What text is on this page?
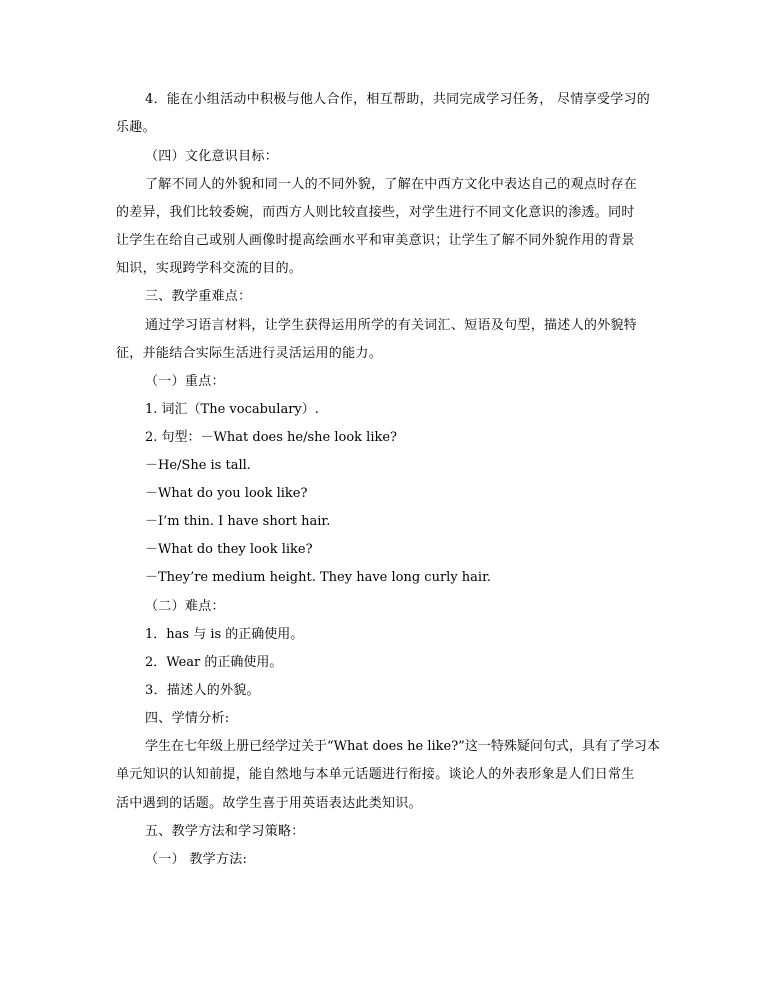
4．能在小组活动中积极与他人合作，相互帮助，共同完成学习任务， 尽情享受学习的
乐趣。
（四）文化意识目标：
了解不同人的外貌和同一人的不同外貌，了解在中西方文化中表达自己的观点时存在
的差异，我们比较委婉，而西方人则比较直接些，对学生进行不同文化意识的渗透。同时
让学生在给自己或别人画像时提高绘画水平和审美意识；让学生了解不同外貌作用的背景
知识，实现跨学科交流的目的。
三、教学重难点：
通过学习语言材料，让学生获得运用所学的有关词汇、短语及句型，描述人的外貌特
征，并能结合实际生活进行灵活运用的能力。
（一）重点：
1. 词汇（The vocabulary）.
2. 句型：－What does he/she look like?
－He/She is tall.
－What do you look like?
－I’m thin. I have short hair.
－What do they look like?
－They’re medium height. They have long curly hair.
（二）难点：
1．has 与 is 的正确使用。
2．Wear 的正确使用。
3．描述人的外貌。
四、学情分析:
学生在七年级上册已经学过关于“What does he like?”这一特殊疑问句式，具有了学习本
单元知识的认知前提，能自然地与本单元话题进行衔接。谈论人的外表形象是人们日常生
活中遇到的话题。故学生喜于用英语表达此类知识。
五、教学方法和学习策略：
（一） 教学方法:
